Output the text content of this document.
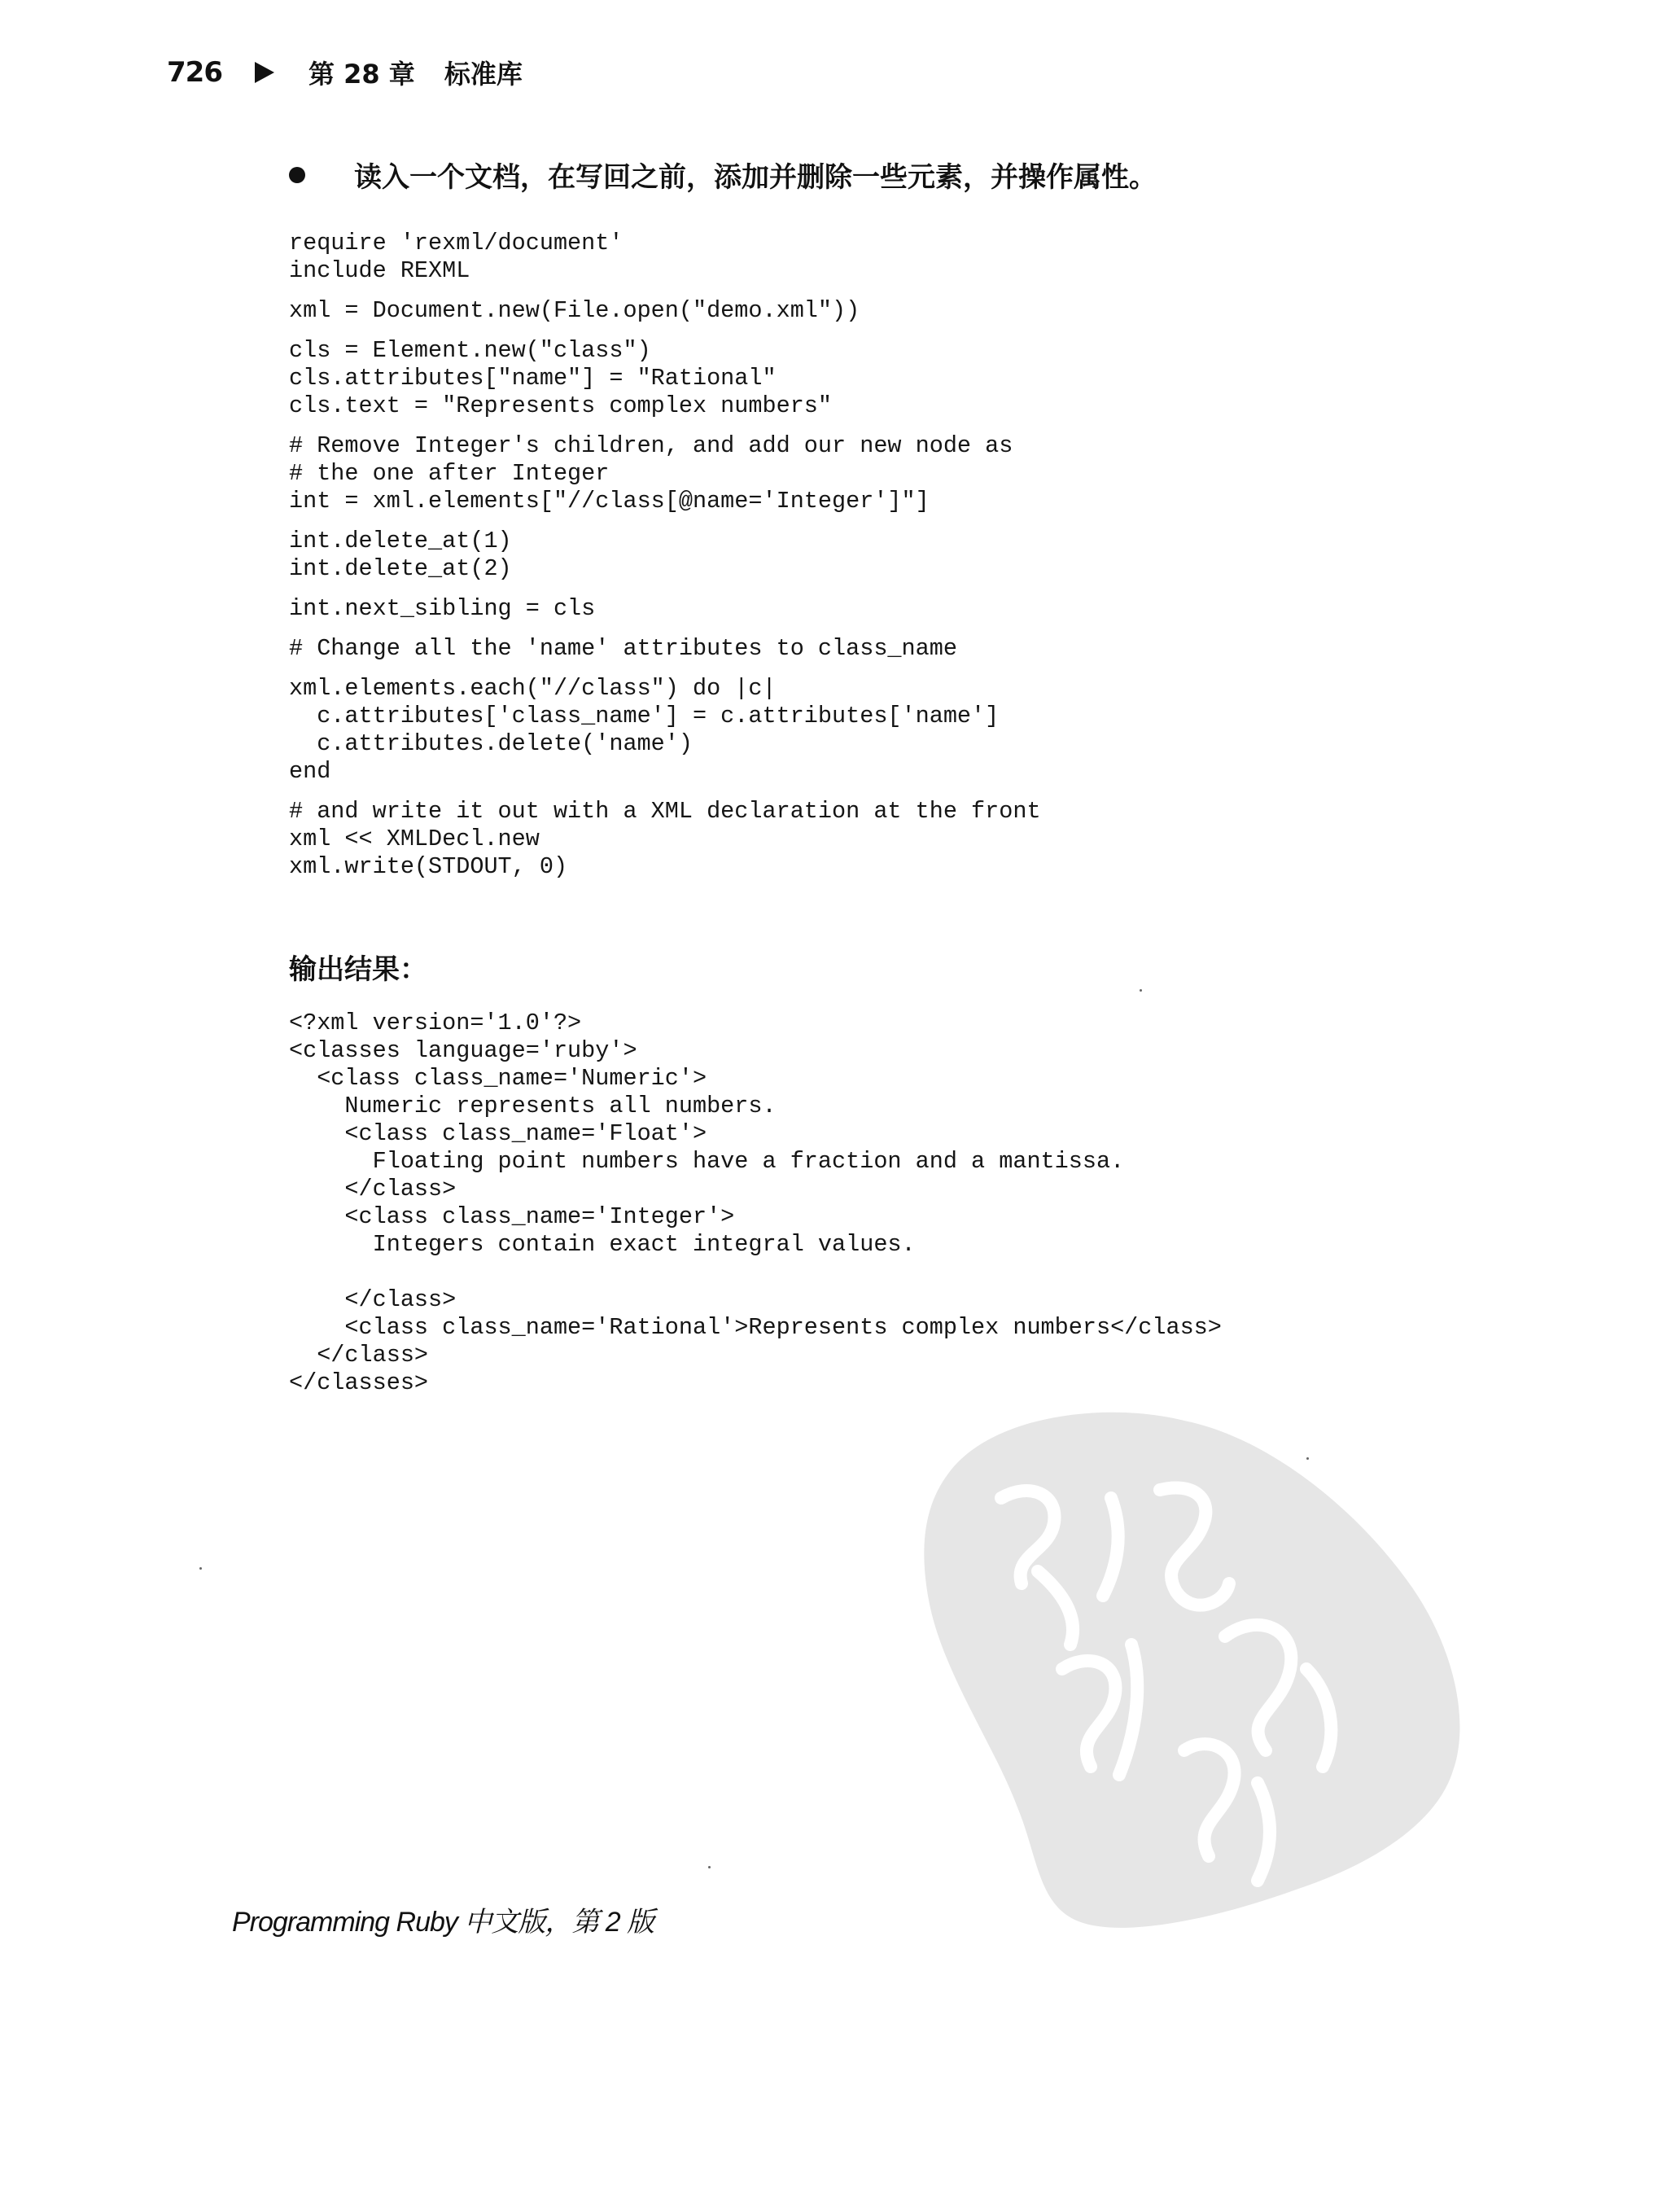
726	第 28 章 标准库
读入一个文档，在写回之前，添加并删除一些元素，并操作属性。
require 'rexml/document'
include REXML
xml = Document.new(File.open("demo.xml"))
cls = Element.new("class")
cls.attributes["name"] = "Rational"
cls.text = "Represents complex numbers"
# Remove Integer's children, and add our new node as
# the one after Integer
int = xml.elements["//class[@name='Integer']"]
int.delete_at(1)
int.delete_at(2)
int.next_sibling = cls
# Change all the 'name' attributes to class_name
xml.elements.each("//class") do |c|
c.attributes['class_name'] = c.attributes['name']
c.attributes.delete('name')
end
# and write it out with a XML declaration at the front
xml << XMLDecl.new
xml.write(STDOUT, 0)
输出结果：
<?xml version='1.0'?>
<classes language='ruby'>
<class class_name='Numeric'>
Numeric represents all numbers.
<class class_name='Float'>
Floating point numbers have a fraction and a mantissa.
</class>
<class class_name='Integer'>
Integers contain exact integral values.
</class>
<class class_name='Rational'>Represents complex numbers</class>
</class>
</classes>
Programming Ruby 中文版，第 2 版
